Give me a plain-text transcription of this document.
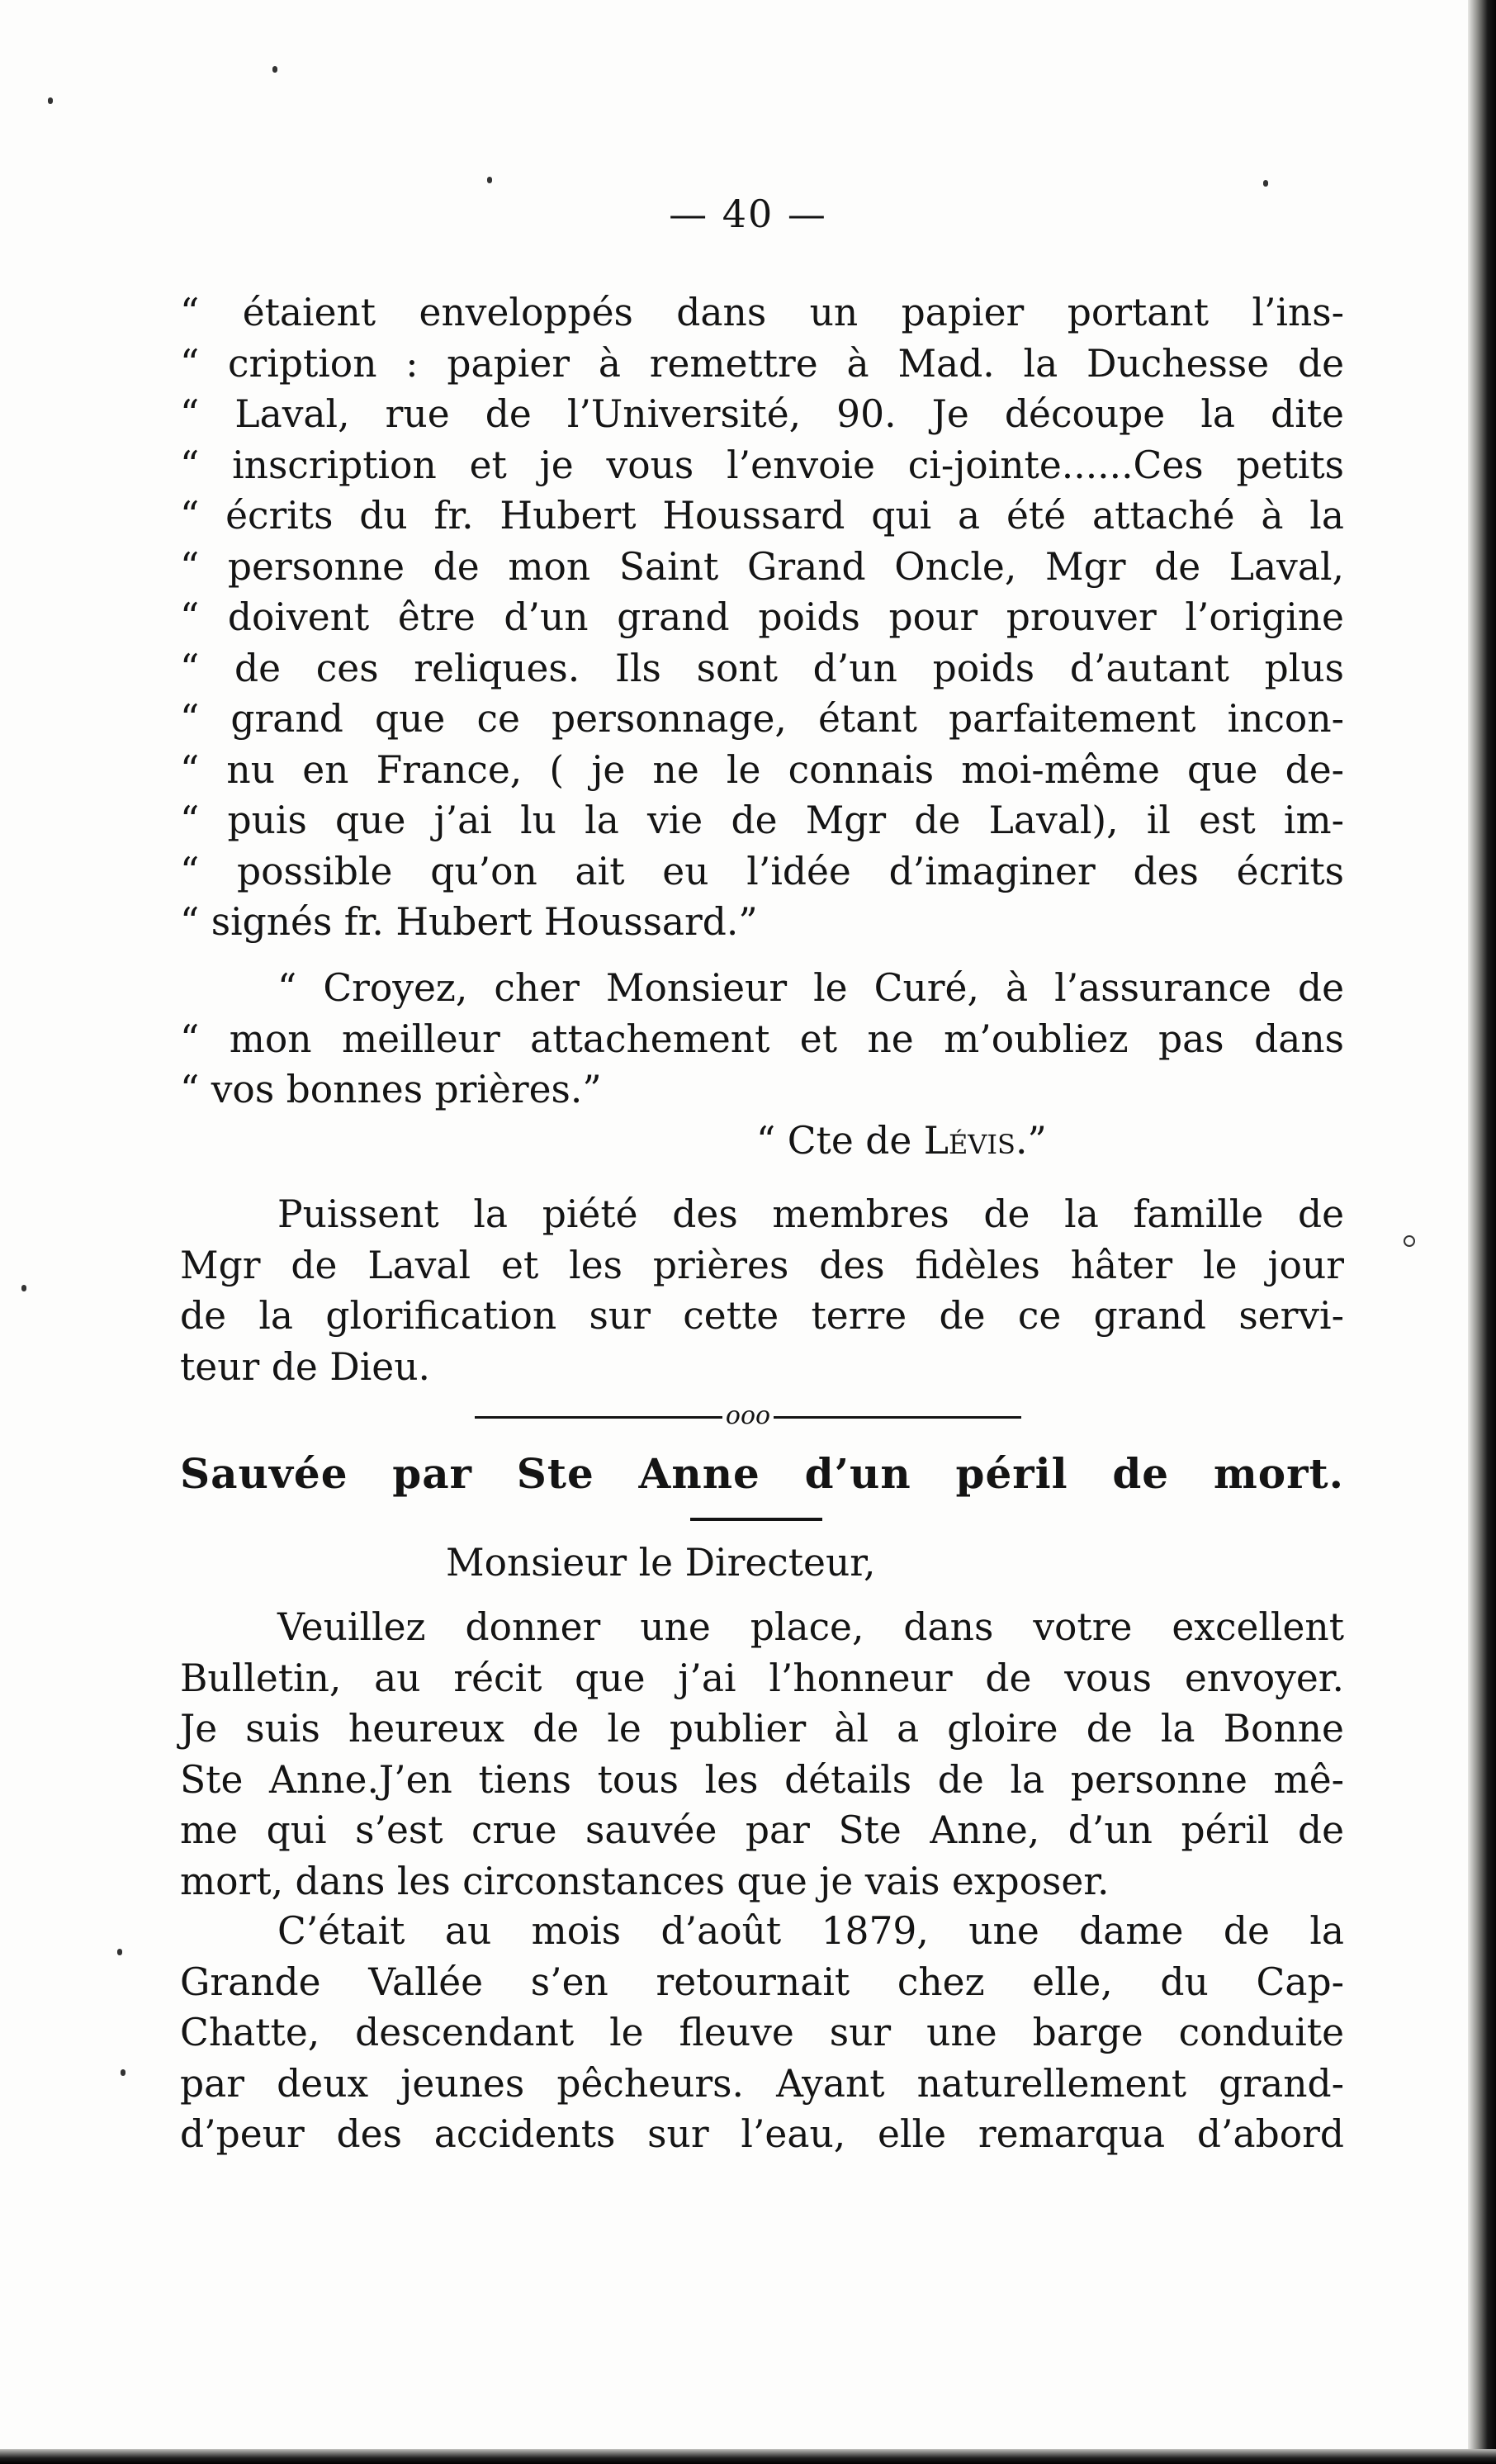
— 40 —
“ étaient enveloppés dans un papier portant l’ins-
“ cription : papier à remettre à Mad. la Duchesse de
“ Laval, rue de l’Université, 90. Je découpe la dite
“ inscription et je vous l’envoie ci-jointe......Ces petits
“ écrits du fr. Hubert Houssard qui a été attaché à la
“ personne de mon Saint Grand Oncle, Mgr de Laval,
“ doivent être d’un grand poids pour prouver l’origine
“ de ces reliques. Ils sont d’un poids d’autant plus
“ grand que ce personnage, étant parfaitement incon-
“ nu en France, ( je ne le connais moi-même que de-
“ puis que j’ai lu la vie de Mgr de Laval), il est im-
“ possible qu’on ait eu l’idée d’imaginer des écrits
“ signés fr. Hubert Houssard.”
“ Croyez, cher Monsieur le Curé, à l’assurance de
“ mon meilleur attachement et ne m’oubliez pas dans
“ vos bonnes prières.”
“ Cte de Lévis.”
Puissent la piété des membres de la famille de
Mgr de Laval et les prières des fidèles hâter le jour
de la glorification sur cette terre de ce grand servi-
teur de Dieu.
ooo
Sauvée par Ste Anne d’un péril de mort.
Monsieur le Directeur,
Veuillez donner une place, dans votre excellent
Bulletin, au récit que j’ai l’honneur de vous envoyer.
Je suis heureux de le publier àl a gloire de la Bonne
Ste Anne.J’en tiens tous les détails de la personne mê-
me qui s’est crue sauvée par Ste Anne, d’un péril de
mort, dans les circonstances que je vais exposer.
C’était au mois d’août 1879, une dame de la
Grande Vallée s’en retournait chez elle, du Cap-
Chatte, descendant le fleuve sur une barge conduite
par deux jeunes pêcheurs. Ayant naturellement grand-
d’peur des accidents sur l’eau, elle remarqua d’abord
